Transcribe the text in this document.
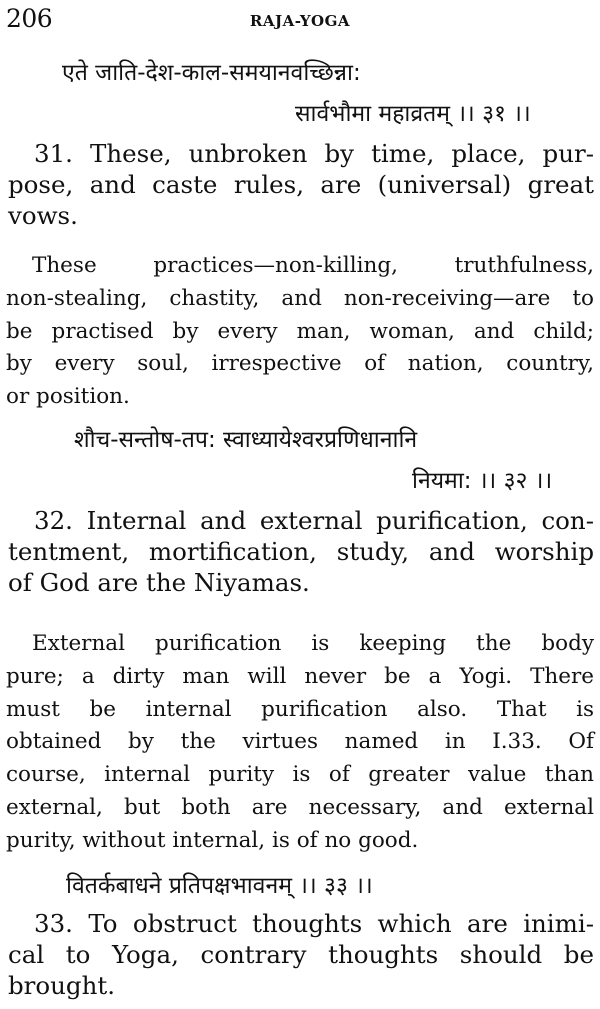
206	RAJA-YOGA
एते जाति-देश-काल-समयानवच्छिन्ना:
सार्वभौमा महाव्रतम् ।। ३१ ।।
31. These, unbroken by time, place, pur-
pose, and caste rules, are (universal) great
vows.
These practices—non-killing, truthfulness,
non-stealing, chastity, and non-receiving—are to
be practised by every man, woman, and child;
by every soul, irrespective of nation, country,
or position.
शौच-सन्तोष-तप: स्वाध्यायेश्वरप्रणिधानानि
नियमा: ।। ३२ ।।
32. Internal and external purification, con-
tentment, mortification, study, and worship
of God are the Niyamas.
External purification is keeping the body
pure; a dirty man will never be a Yogi. There
must be internal purification also. That is
obtained by the virtues named in I.33. Of
course, internal purity is of greater value than
external, but both are necessary, and external
purity, without internal, is of no good.
वितर्कबाधने प्रतिपक्षभावनम् ।। ३३ ।।
33. To obstruct thoughts which are inimi-
cal to Yoga, contrary thoughts should be
brought.
